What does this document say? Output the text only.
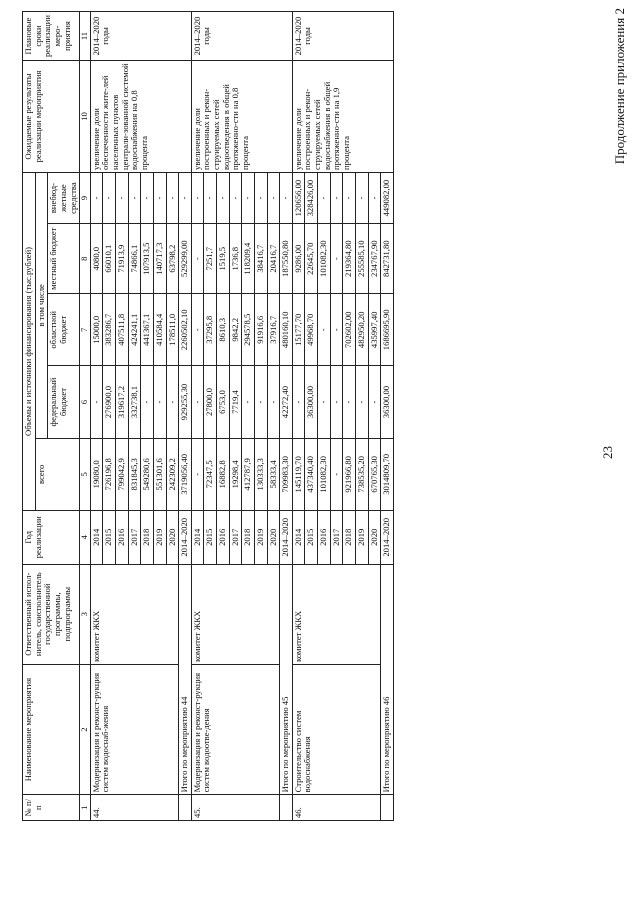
23
Продолжение приложения 2
№ п/п	Наименование мероприятия	Ответственный испол-нитель, соисполнитель государственной программы, подпрограммы	Год реализации	Объемы и источники финансирования (тыс.рублей)					Ожидаемые результаты реализации мероприятия	Плановые сроки реализации меро-приятия
				всего	в том числе					
					федеральный бюджет	областной бюджет	местный бюджет	внебюд-жетные средства		
1	2	3	4	5	6	7	8	9	10	11
44.	Модернизация и реконст-рукция систем водоснаб-жения	комитет ЖКХ	2014	19080,0	-	15000,0	4080,0	-	увеличение доли обеспеченности жите-лей населенных пунктов централи-зованной системой водоснабжения на 0,8 процента	2014–2020 годы
			2015	726196,8	276900,0	383286,7	66010,1	-		
			2016	799042,9	319617,2	407511,8	71913,9	-		
			2017	831845,3	332738,1	424241,1	74866,1	-		
			2018	549280,6	-	441367,1	107913,5	-		
			2019	551301,6	-	410584,4	140717,3	-		
			2020	242309,2	-	178511,0	63798,2	-		
	Итого по мероприятию 44		2014–2020	3719056,40	929255,30	2260502,10	529299,00	-		
45.	Модернизация и реконст-рукция систем водоотве-дения	комитет ЖКХ	2014	-	-	-	-	-	увеличение доли построенных и рекон-струируемых сетей водоотведения в общей протяженно-сти на 0,8 процента	2014–2020 годы
			2015	72347,5	27800,0	37295,8	7251,7	-		
			2016	16882,8	6753,0	8610,3	1519,5	-		
			2017	19298,4	7719,4	9842,2	1736,8	-		
			2018	412787,9	-	294578,5	118209,4	-		
			2019	130333,3	-	91916,6	38416,7	-		
			2020	58333,4	-	37916,7	20416,7	-		
	Итого по мероприятию 45		2014–2020	709983,30	42272,40	480160,10	187550,80	-		
46.	Строительство систем водоснабжения	комитет ЖКХ	2014	145119,70	-	15177,70	9286,00	120656,00	увеличение доли построенных и рекон-струируемых сетей водоснабжения в общей протяженно-сти на 1,9 процента	2014–2020 годы
			2015	437340,40	36300,00	49968,70	22645,70	328426,00		
			2016	101082,30	-	-	101082,30	-		
			2017	-	-	-	-	-		
			2018	921966,80	-	702602,00	219364,80	-		
			2019	738535,20	-	482950,20	255585,10	-		
			2020	670765,30	-	435997,40	234767,90	-		
	Итого по мероприятию 46		2014–2020	3014809,70	36300,00	1686695,90	842731,80	449082,00		
